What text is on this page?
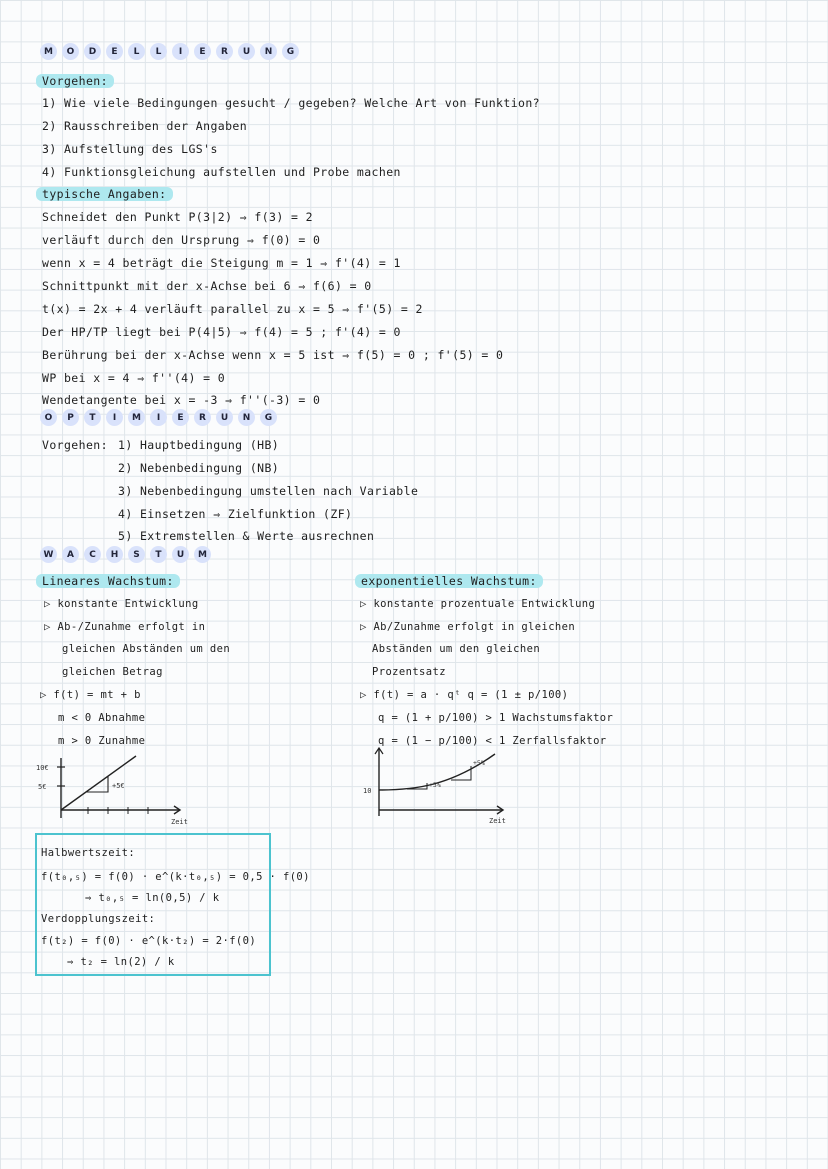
M	O	D	E	L	L	I	E	R	U	N	G
Vorgehen:
1) Wie viele Bedingungen gesucht / gegeben? Welche Art von Funktion?
2) Rausschreiben der Angaben
3) Aufstellung des LGS's
4) Funktionsgleichung aufstellen und Probe machen
typische Angaben:
Schneidet den Punkt P(3|2) ⇒ f(3) = 2
verläuft durch den Ursprung ⇒ f(0) = 0
wenn x = 4 beträgt die Steigung m = 1 ⇒ f'(4) = 1
Schnittpunkt mit der x-Achse bei 6 ⇒ f(6) = 0
t(x) = 2x + 4 verläuft parallel zu x = 5 ⇒ f'(5) = 2
Der HP/TP liegt bei P(4|5) ⇒ f(4) = 5 ; f'(4) = 0
Berührung bei der x-Achse wenn x = 5 ist ⇒ f(5) = 0 ; f'(5) = 0
WP bei x = 4 ⇒ f''(4) = 0
Wendetangente bei x = -3 ⇒ f''(-3) = 0
O	P	T	I	M	I	E	R	U	N	G
Vorgehen: 1) Hauptbedingung (HB)
2) Nebenbedingung (NB)
3) Nebenbedingung umstellen nach Variable
4) Einsetzen ⇒ Zielfunktion (ZF)
5) Extremstellen & Werte ausrechnen
W	A	C	H	S	T	U	M
Lineares Wachstum:
▷ konstante Entwicklung
▷ Ab-/Zunahme erfolgt in
gleichen Abständen um den
gleichen Betrag
▷ f(t) = mt + b
m < 0 Abnahme
m > 0 Zunahme
10€
5€	+5€
Zeit
exponentielles Wachstum:
▷ konstante prozentuale Entwicklung
▷ Ab/Zunahme erfolgt in gleichen
Abständen um den gleichen
Prozentsatz
▷ f(t) = a · qᵗ q = (1 ± p/100)
q = (1 + p/100) > 1 Wachstumsfaktor
q = (1 − p/100) < 1 Zerfallsfaktor
10
+5%
+5%
Zeit
Halbwertszeit:
f(t₀,₅) = f(0) · e^(k·t₀,₅) = 0,5 · f(0)
⇒ t₀,₅ = ln(0,5) / k
Verdopplungszeit:
f(t₂) = f(0) · e^(k·t₂) = 2·f(0)
⇒ t₂ = ln(2) / k
